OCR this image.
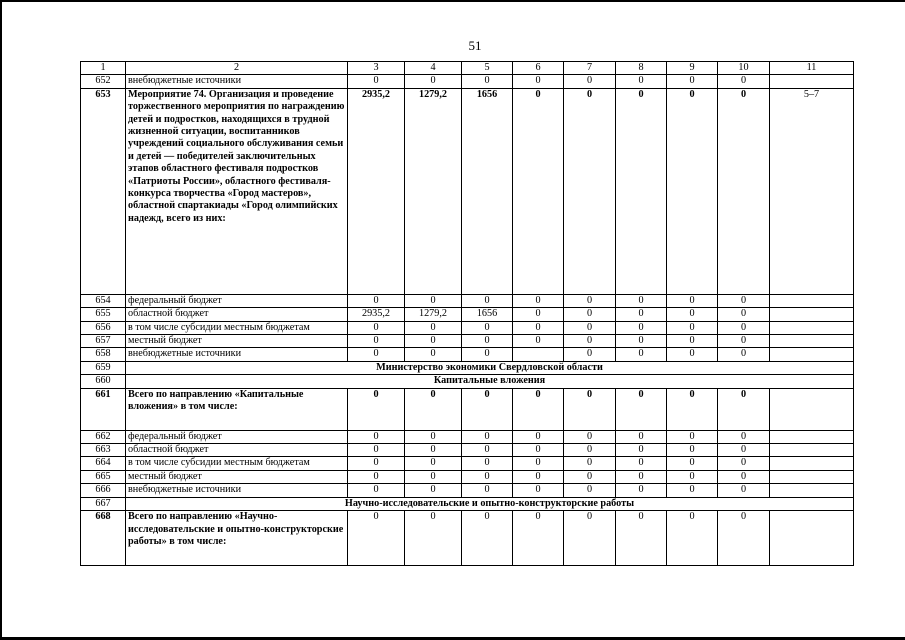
51
1	2	3	4	5	6	7	8	9	10	11
652	внебюджетные источники	0	0	0	0	0	0	0	0	
653	Мероприятие 74. Организация и проведение торжественного мероприятия по награждению детей и подростков, находящихся в трудной жизненной ситуации, воспитанников учреждений социального обслуживания семьи и детей — победителей заключительных этапов областного фестиваля подростков «Патриоты России», областного фестиваля-конкурса творчества «Город мастеров», областной спартакиады «Город олимпийских надежд, всего из них:	2935,2	1279,2	1656	0	0	0	0	0	5–7
654	федеральный бюджет	0	0	0	0	0	0	0	0	
655	областной бюджет	2935,2	1279,2	1656	0	0	0	0	0	
656	в том числе субсидии местным бюджетам	0	0	0	0	0	0	0	0	
657	местный бюджет	0	0	0	0	0	0	0	0	
658	внебюджетные источники	0	0	0		0	0	0	0	
659	Министерство экономики Свердловской области									
660	Капитальные вложения									
661	Всего по направлению «Капитальные вложения» в том числе:	0	0	0	0	0	0	0	0	
662	федеральный бюджет	0	0	0	0	0	0	0	0	
663	областной бюджет	0	0	0	0	0	0	0	0	
664	в том числе субсидии местным бюджетам	0	0	0	0	0	0	0	0	
665	местный бюджет	0	0	0	0	0	0	0	0	
666	внебюджетные источники	0	0	0	0	0	0	0	0	
667	Научно-исследовательские и опытно-конструкторские работы									
668	Всего по направлению «Научно-исследовательские и опытно-конструкторские работы» в том числе:	0	0	0	0	0	0	0	0	
